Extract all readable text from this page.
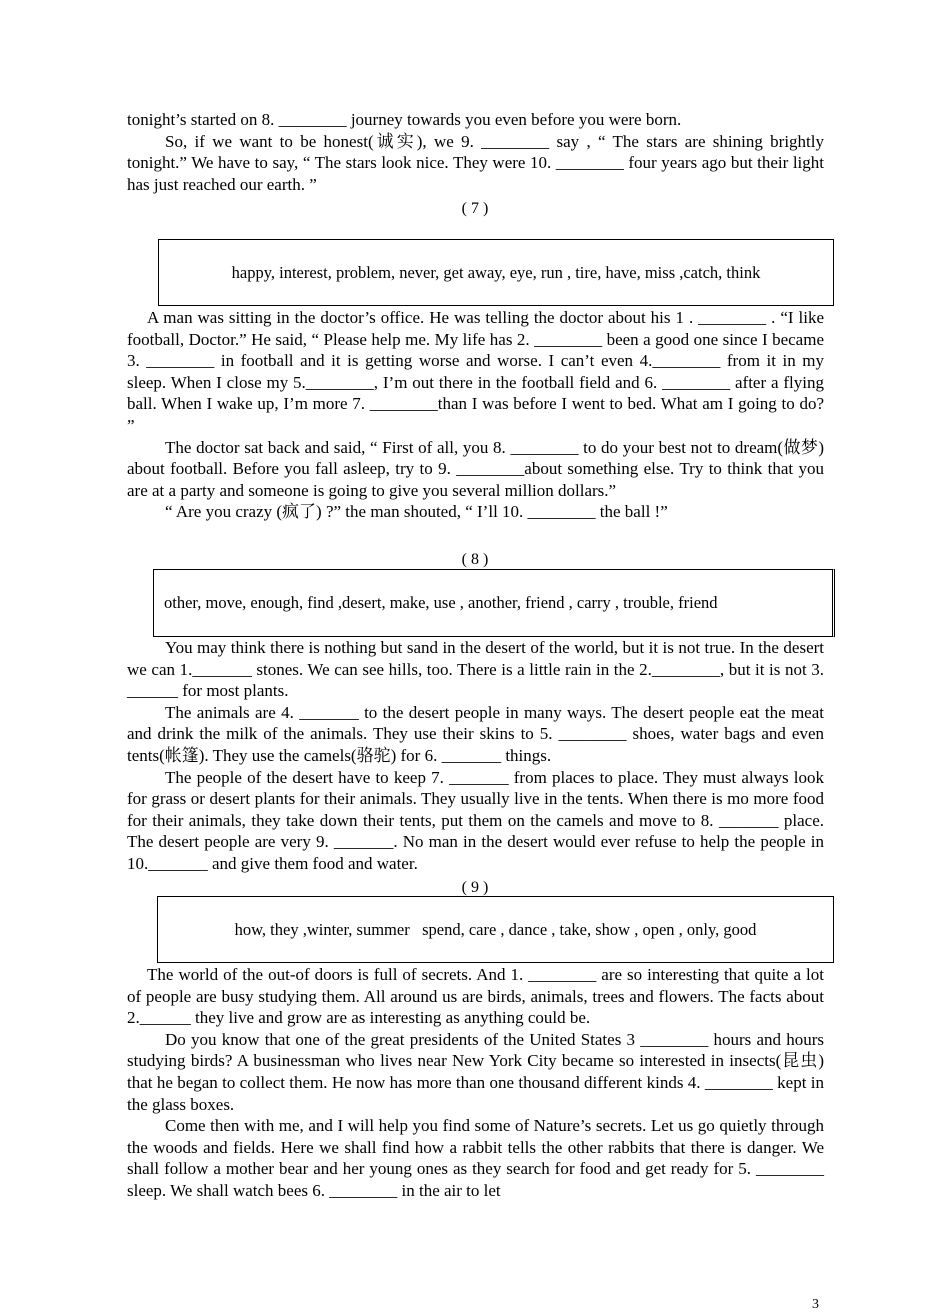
tonight’s started on 8. ________ journey towards you even before you were born.

So, if we want to be honest(诚实), we 9. ________ say , “ The stars are shining brightly tonight.” We have to say, “ The stars look nice. They were 10. ________ four years ago but their light has just reached our earth. ”

( 7 )
happy, interest, problem, never, get away, eye, run , tire, have, miss ,catch, think

A man was sitting in the doctor’s office. He was telling the doctor about his 1 . ________ . “I like football, Doctor.” He said, “ Please help me. My life has 2. ________ been a good one since I became 3. ________ in football and it is getting worse and worse. I can’t even 4.________ from it in my sleep. When I close my 5.________, I’m out there in the football field and 6. ________ after a flying ball. When I wake up, I’m more 7. ________than I was before I went to bed. What am I going to do? ”

The doctor sat back and said, “ First of all, you 8. ________ to do your best not to dream(做梦) about football. Before you fall asleep, try to 9. ________about something else. Try to think that you are at a party and someone is going to give you several million dollars.”

“ Are you crazy (疯了) ?” the man shouted, “ I’ll 10. ________ the ball !”

( 8 )
other, move, enough, find ,desert, make, use , another, friend , carry , trouble, friend

You may think there is nothing but sand in the desert of the world, but it is not true. In the desert we can 1._______ stones. We can see hills, too. There is a little rain in the 2.________, but it is not 3. ______ for most plants.

The animals are 4. _______ to the desert people in many ways. The desert people eat the meat and drink the milk of the animals. They use their skins to 5. ________ shoes, water bags and even tents(帐篷). They use the camels(骆驼) for 6. _______ things.

The people of the desert have to keep 7. _______ from places to place. They must always look for grass or desert plants for their animals. They usually live in the tents. When there is mo more food for their animals, they take down their tents, put them on the camels and move to 8. _______ place. The desert people are very 9. _______. No man in the desert would ever refuse to help the people in 10._______ and give them food and water.

( 9 )
how, they ,winter, summer   spend, care , dance , take, show , open , only, good

The world of the out-of doors is full of secrets. And 1. ________ are so interesting that quite a lot of people are busy studying them. All around us are birds, animals, trees and flowers. The facts about 2.______ they live and grow are as interesting as anything could be.

Do you know that one of the great presidents of the United States 3 ________ hours and hours studying birds? A businessman who lives near New York City became so interested in insects(昆虫) that he began to collect them. He now has more than one thousand different kinds 4. ________ kept in the glass boxes.

Come then with me, and I will help you find some of Nature’s secrets. Let us go quietly through the woods and fields. Here we shall find how a rabbit tells the other rabbits that there is danger. We shall follow a mother bear and her young ones as they search for food and get ready for 5. ________ sleep. We shall watch bees 6. ________ in the air to let

3
